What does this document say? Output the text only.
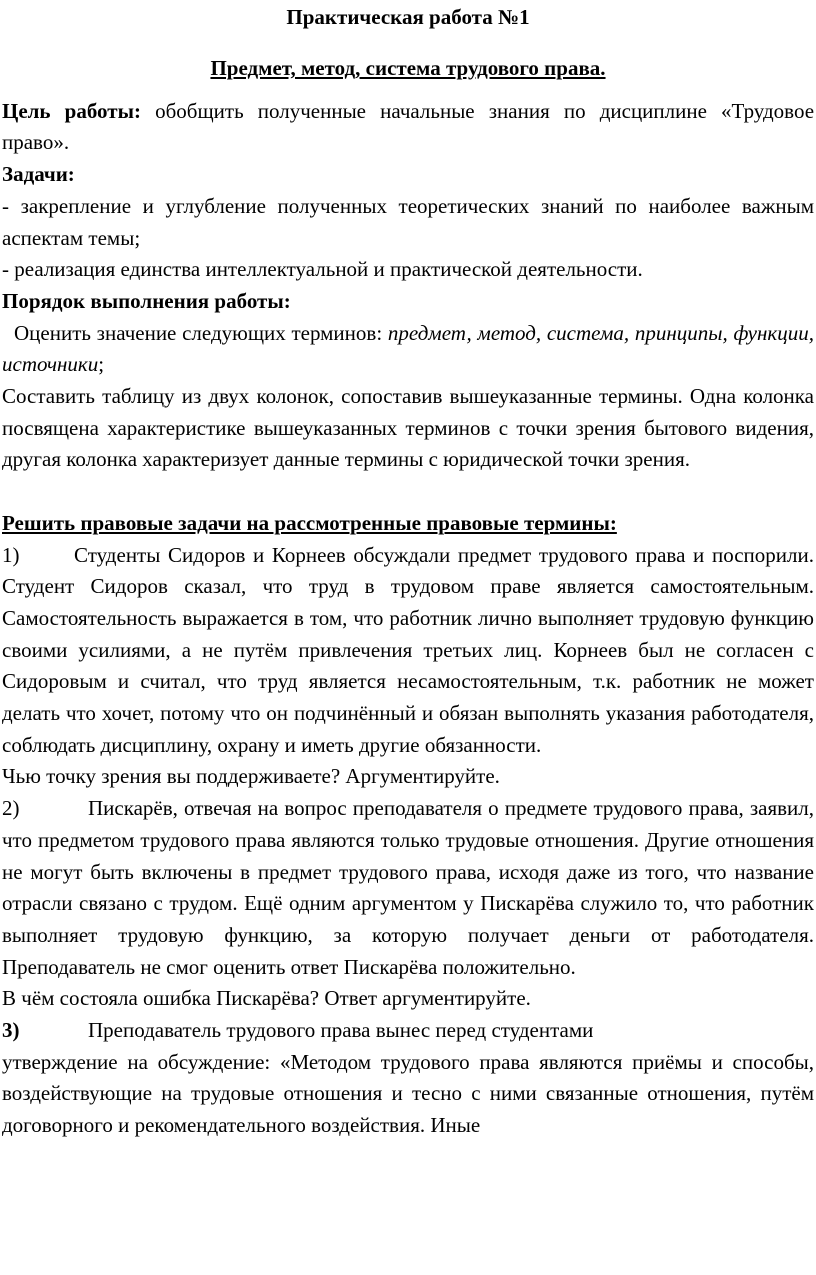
Практическая работа №1
Предмет, метод, система трудового права.

Цель работы: обобщить полученные начальные знания по дисциплине «Трудовое право».

Задачи:

- закрепление и углубление полученных теоретических знаний по наиболее важным аспектам темы;

- реализация единства интеллектуальной и практической деятельности.

Порядок выполнения работы:

Оценить значение следующих терминов: предмет, метод, система, принципы, функции, источники;

Составить таблицу из двух колонок, сопоставив вышеуказанные термины. Одна колонка посвящена характеристике вышеуказанных терминов с точки зрения бытового видения, другая колонка характеризует данные термины с юридической точки зрения.

Решить правовые задачи на рассмотренные правовые термины:

1)	Студенты Сидоров и Корнеев обсуждали предмет трудового права и поспорили. Студент Сидоров сказал, что труд в трудовом праве является самостоятельным. Самостоятельность выражается в том, что работник лично выполняет трудовую функцию своими усилиями, а не путём привлечения третьих лиц. Корнеев был не согласен с Сидоровым и считал, что труд является несамостоятельным, т.к. работник не может делать что хочет, потому что он подчинённый и обязан выполнять указания работодателя, соблюдать дисциплину, охрану и иметь другие обязанности.

Чью точку зрения вы поддерживаете? Аргументируйте.

2)	Пискарёв, отвечая на вопрос преподавателя о предмете трудового права, заявил, что предметом трудового права являются только трудовые отношения. Другие отношения не могут быть включены в предмет трудового права, исходя даже из того, что название отрасли связано с трудом. Ещё одним аргументом у Пискарёва служило то, что работник выполняет трудовую функцию, за которую получает деньги от работодателя. Преподаватель не смог оценить ответ Пискарёва положительно.

В чём состояла ошибка Пискарёва? Ответ аргументируйте.

3)	Преподаватель трудового права вынес перед студентами

утверждение на обсуждение: «Методом трудового права являются приёмы и способы, воздействующие на трудовые отношения и тесно с ними связанные отношения, путём договорного и рекомендательного воздействия. Иные
